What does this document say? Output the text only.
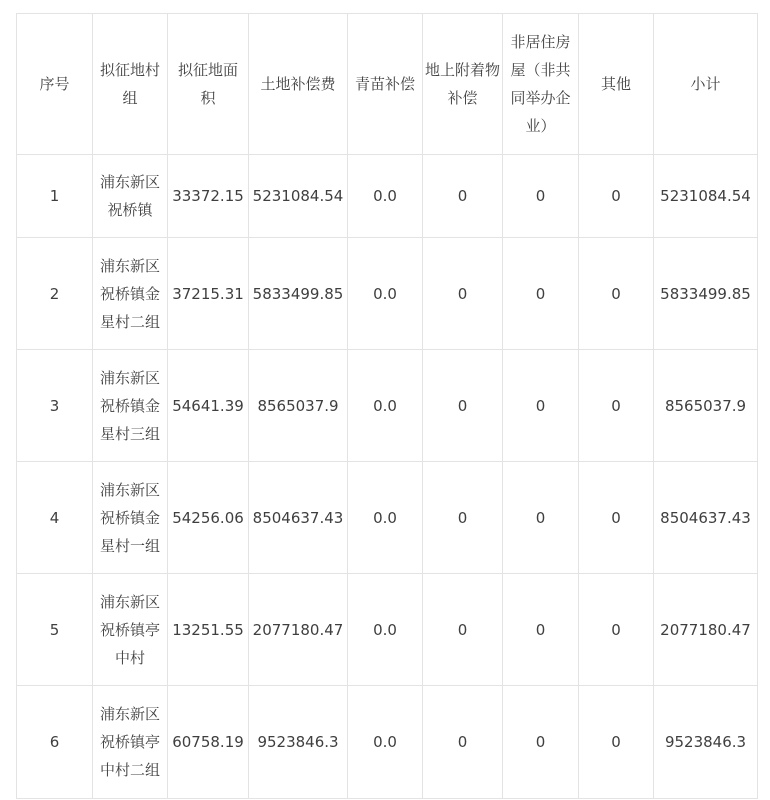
序号	拟征地村组	拟征地面积	土地补偿费	青苗补偿	地上附着物补偿	非居住房屋（非共同举办企业）	其他	小计

1	浦东新区祝桥镇	33372.15	5231084.54	0.0	0	0	0	5231084.54
2	浦东新区祝桥镇金星村二组	37215.31	5833499.85	0.0	0	0	0	5833499.85
3	浦东新区祝桥镇金星村三组	54641.39	8565037.9	0.0	0	0	0	8565037.9
4	浦东新区祝桥镇金星村一组	54256.06	8504637.43	0.0	0	0	0	8504637.43
5	浦东新区祝桥镇亭中村	13251.55	2077180.47	0.0	0	0	0	2077180.47
6	浦东新区祝桥镇亭中村二组	60758.19	9523846.3	0.0	0	0	0	9523846.3
